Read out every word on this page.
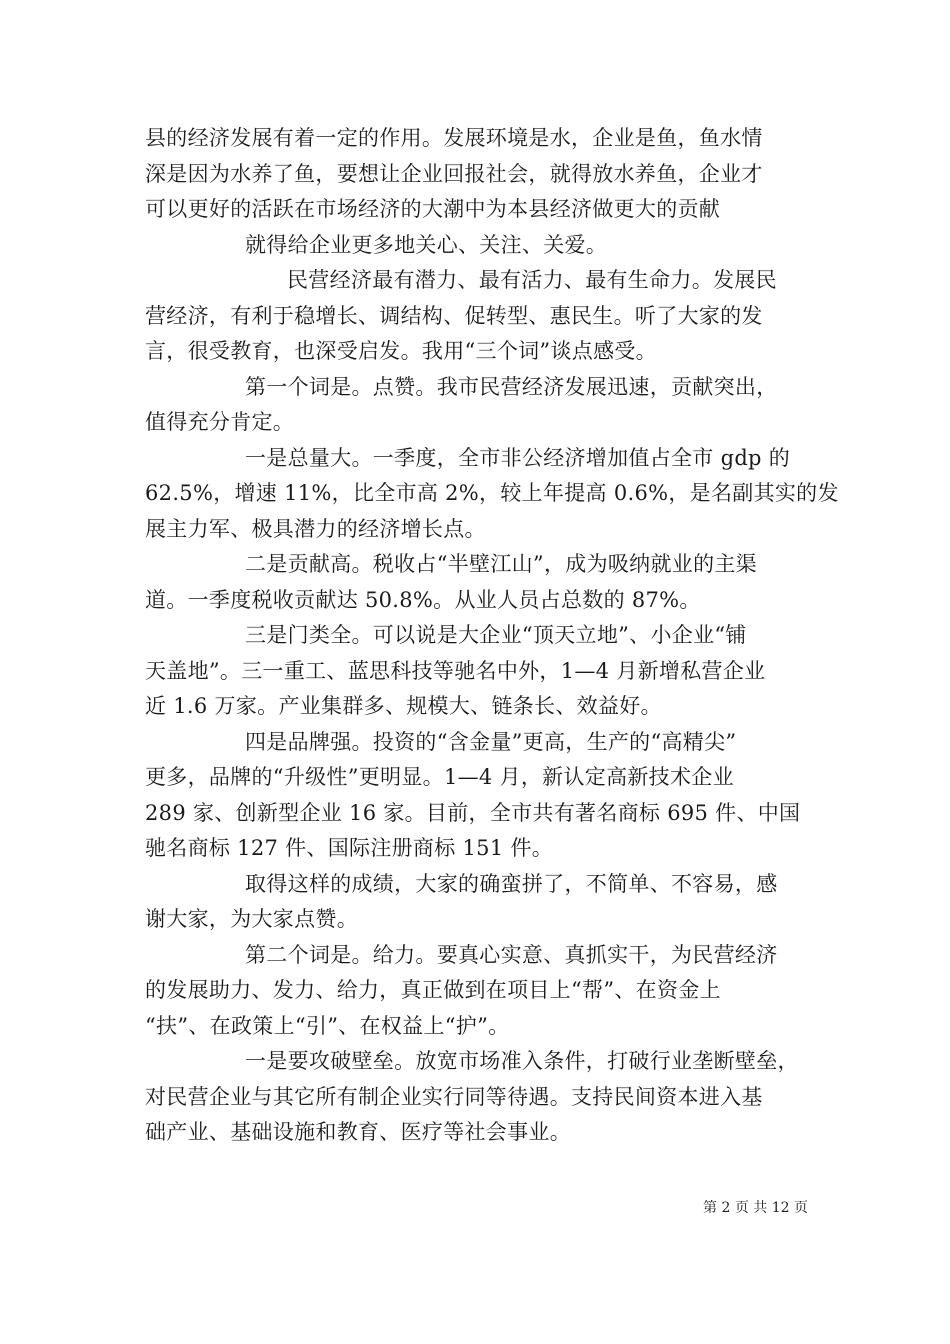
县的经济发展有着一定的作用。发展环境是水，企业是鱼，鱼水情
深是因为水养了鱼，要想让企业回报社会，就得放水养鱼，企业才
可以更好的活跃在市场经济的大潮中为本县经济做更大的贡献
就得给企业更多地关心、关注、关爱。
民营经济最有潜力、最有活力、最有生命力。发展民
营经济，有利于稳增长、调结构、促转型、惠民生。听了大家的发
言，很受教育，也深受启发。我用“三个词”谈点感受。
第一个词是。点赞。我市民营经济发展迅速，贡献突出，
值得充分肯定。
一是总量大。一季度，全市非公经济增加值占全市 gdp 的
62.5%，增速 11%，比全市高 2%，较上年提高 0.6%，是名副其实的发
展主力军、极具潜力的经济增长点。
二是贡献高。税收占“半壁江山”，成为吸纳就业的主渠
道。一季度税收贡献达 50.8%。从业人员占总数的 87%。
三是门类全。可以说是大企业“顶天立地”、小企业“铺
天盖地”。三一重工、蓝思科技等驰名中外，1—4 月新增私营企业
近 1.6 万家。产业集群多、规模大、链条长、效益好。
四是品牌强。投资的“含金量”更高，生产的“高精尖”
更多，品牌的“升级性”更明显。1—4 月，新认定高新技术企业
289 家、创新型企业 16 家。目前，全市共有著名商标 695 件、中国
驰名商标 127 件、国际注册商标 151 件。
取得这样的成绩，大家的确蛮拼了，不简单、不容易，感
谢大家，为大家点赞。
第二个词是。给力。要真心实意、真抓实干，为民营经济
的发展助力、发力、给力，真正做到在项目上“帮”、在资金上
“扶”、在政策上“引”、在权益上“护”。
一是要攻破壁垒。放宽市场准入条件，打破行业垄断壁垒，
对民营企业与其它所有制企业实行同等待遇。支持民间资本进入基
础产业、基础设施和教育、医疗等社会事业。
第 2 页 共 12 页
